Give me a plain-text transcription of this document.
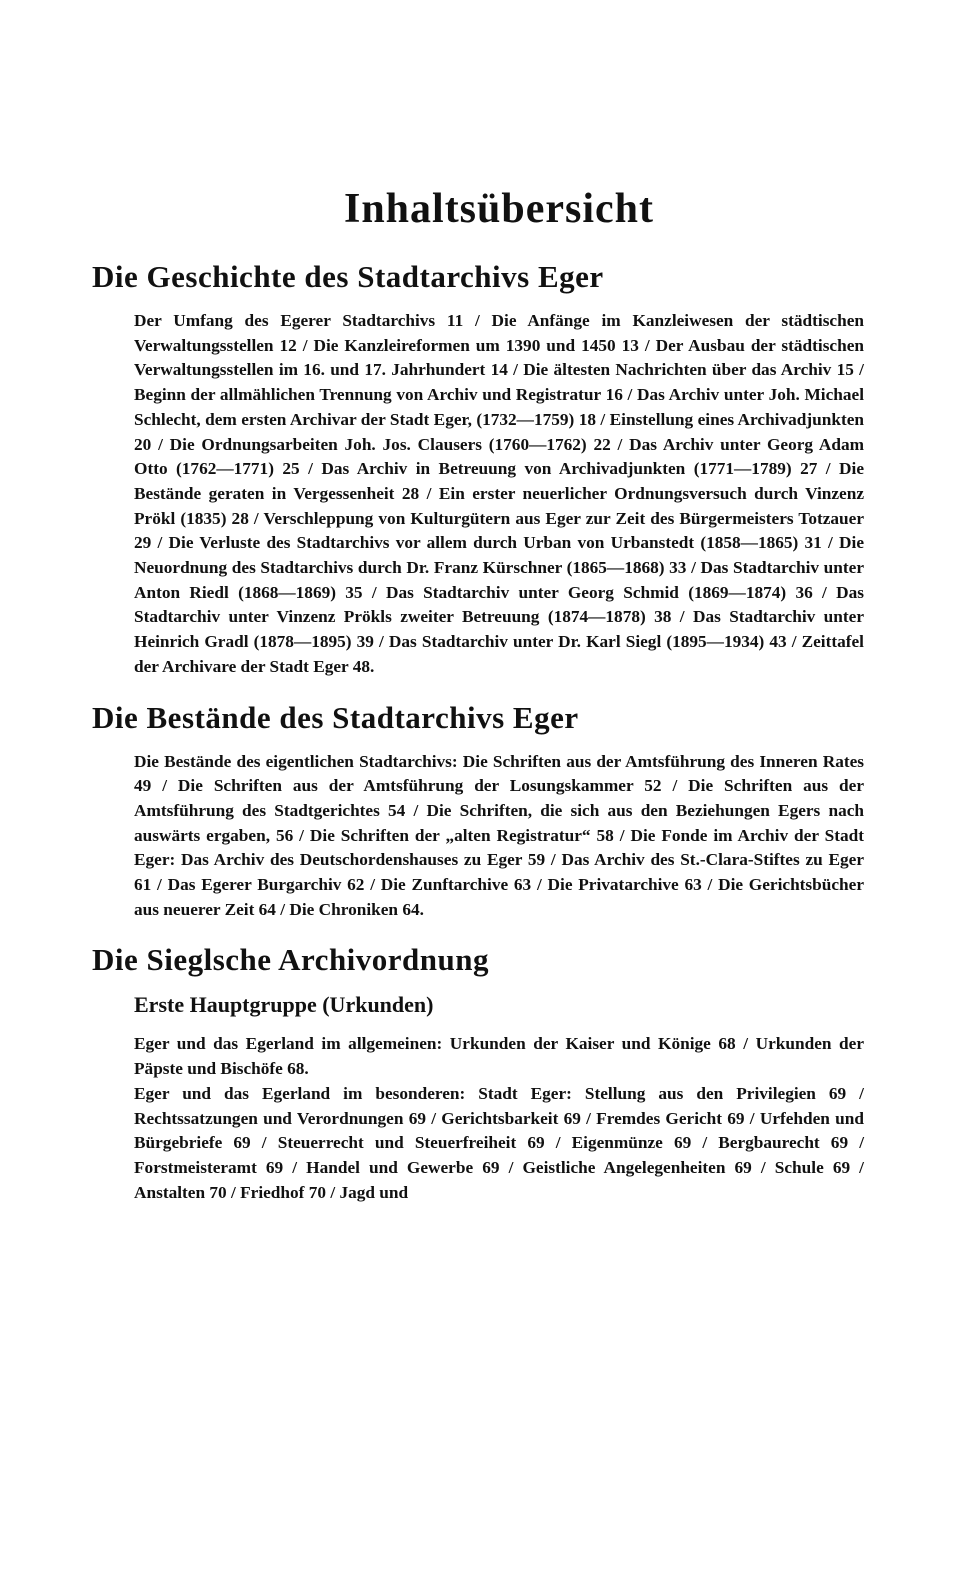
Inhaltsübersicht
Die Geschichte des Stadtarchivs Eger

Der Umfang des Egerer Stadtarchivs 11 / Die Anfänge im Kanzleiwesen der städtischen Verwaltungsstellen 12 / Die Kanzleireformen um 1390 und 1450 13 / Der Ausbau der städtischen Verwaltungsstellen im 16. und 17. Jahrhundert 14 / Die ältesten Nachrichten über das Archiv 15 / Beginn der allmählichen Trennung von Archiv und Registratur 16 / Das Archiv unter Joh. Michael Schlecht, dem ersten Archivar der Stadt Eger, (1732—1759) 18 / Einstellung eines Archivadjunkten 20 / Die Ordnungsarbeiten Joh. Jos. Clausers (1760—1762) 22 / Das Archiv unter Georg Adam Otto (1762—1771) 25 / Das Archiv in Betreuung von Archivadjunkten (1771—1789) 27 / Die Bestände geraten in Vergessenheit 28 / Ein erster neuerlicher Ordnungsversuch durch Vinzenz Prökl (1835) 28 / Verschleppung von Kulturgütern aus Eger zur Zeit des Bürgermeisters Totzauer 29 / Die Verluste des Stadtarchivs vor allem durch Urban von Urbanstedt (1858—1865) 31 / Die Neuordnung des Stadtarchivs durch Dr. Franz Kürschner (1865—1868) 33 / Das Stadtarchiv unter Anton Riedl (1868—1869) 35 / Das Stadtarchiv unter Georg Schmid (1869—1874) 36 / Das Stadtarchiv unter Vinzenz Prökls zweiter Betreuung (1874—1878) 38 / Das Stadtarchiv unter Heinrich Gradl (1878—1895) 39 / Das Stadtarchiv unter Dr. Karl Siegl (1895—1934) 43 / Zeittafel der Archivare der Stadt Eger 48.

Die Bestände des Stadtarchivs Eger

Die Bestände des eigentlichen Stadtarchivs: Die Schriften aus der Amtsführung des Inneren Rates 49 / Die Schriften aus der Amtsführung der Losungskammer 52 / Die Schriften aus der Amtsführung des Stadtgerichtes 54 / Die Schriften, die sich aus den Beziehungen Egers nach auswärts ergaben, 56 / Die Schriften der „alten Registratur“ 58 / Die Fonde im Archiv der Stadt Eger: Das Archiv des Deutschordenshauses zu Eger 59 / Das Archiv des St.-Clara-Stiftes zu Eger 61 / Das Egerer Burgarchiv 62 / Die Zunftarchive 63 / Die Privatarchive 63 / Die Gerichtsbücher aus neuerer Zeit 64 / Die Chroniken 64.

Die Sieglsche Archivordnung
Erste Hauptgruppe (Urkunden)

Eger und das Egerland im allgemeinen: Urkunden der Kaiser und Könige 68 / Urkunden der Päpste und Bischöfe 68.

Eger und das Egerland im besonderen: Stadt Eger: Stellung aus den Privilegien 69 / Rechtssatzungen und Verordnungen 69 / Gerichtsbarkeit 69 / Fremdes Gericht 69 / Urfehden und Bürgebriefe 69 / Steuerrecht und Steuerfreiheit 69 / Eigenmünze 69 / Bergbaurecht 69 / Forstmeisteramt 69 / Handel und Gewerbe 69 / Geistliche Angelegenheiten 69 / Schule 69 / Anstalten 70 / Friedhof 70 / Jagd und
